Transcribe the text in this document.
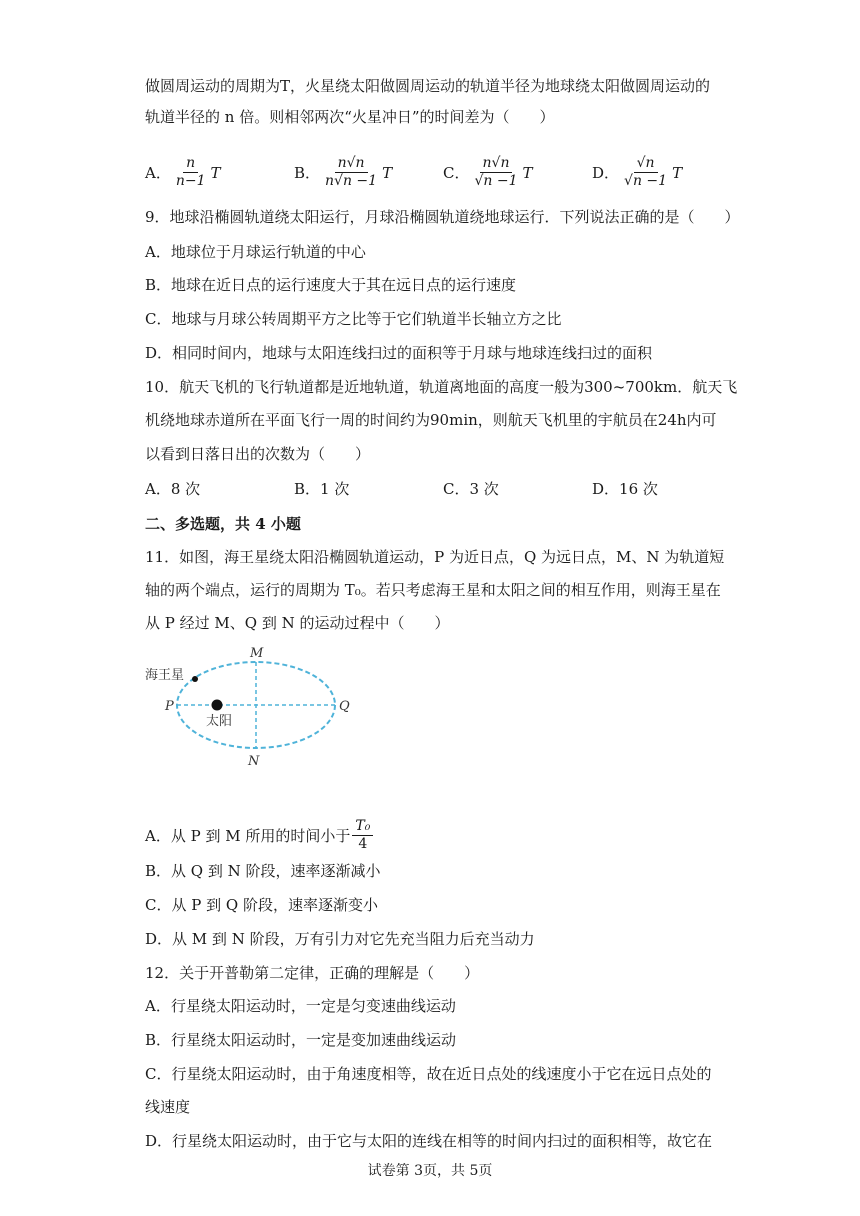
做圆周运动的周期为T，火星绕太阳做圆周运动的轨道半径为地球绕太阳做圆周运动的
轨道半径的 n 倍。则相邻两次“火星冲日”的时间差为（　　）
A． $\frac{n}{n-1}$ T	B． $\frac{n√n}{n√n -1}$ T	C． $\frac{n√n}{√n -1}$ T	D． $\frac{√n}{√n -1}$ T
9．地球沿椭圆轨道绕太阳运行，月球沿椭圆轨道绕地球运行．下列说法正确的是（　　）
A．地球位于月球运行轨道的中心
B．地球在近日点的运行速度大于其在远日点的运行速度
C．地球与月球公转周期平方之比等于它们轨道半长轴立方之比
D．相同时间内，地球与太阳连线扫过的面积等于月球与地球连线扫过的面积
10．航天飞机的飞行轨道都是近地轨道，轨道离地面的高度一般为300~700km．航天飞
机绕地球赤道所在平面飞行一周的时间约为90min，则航天飞机里的宇航员在24h内可
以看到日落日出的次数为（　　）
A．8 次	B．1 次	C．3 次	D．16 次
二、多选题，共 4 小题
11．如图，海王星绕太阳沿椭圆轨道运动，P 为近日点，Q 为远日点，M、N 为轨道短
轴的两个端点，运行的周期为 T₀。若只考虑海王星和太阳之间的相互作用，则海王星在
从 P 经过 M、Q 到 N 的运动过程中（　　）
海王星
太阳
M
N
P	Q
A．从 P 到 M 所用的时间小于 $\frac{\text{T₀}}{4}$
B．从 Q 到 N 阶段，速率逐渐减小
C．从 P 到 Q 阶段，速率逐渐变小
D．从 M 到 N 阶段，万有引力对它先充当阻力后充当动力
12．关于开普勒第二定律，正确的理解是（　　）
A．行星绕太阳运动时，一定是匀变速曲线运动
B．行星绕太阳运动时，一定是变加速曲线运动
C．行星绕太阳运动时，由于角速度相等，故在近日点处的线速度小于它在远日点处的
线速度
D．行星绕太阳运动时，由于它与太阳的连线在相等的时间内扫过的面积相等，故它在
试卷第 3页，共 5页
